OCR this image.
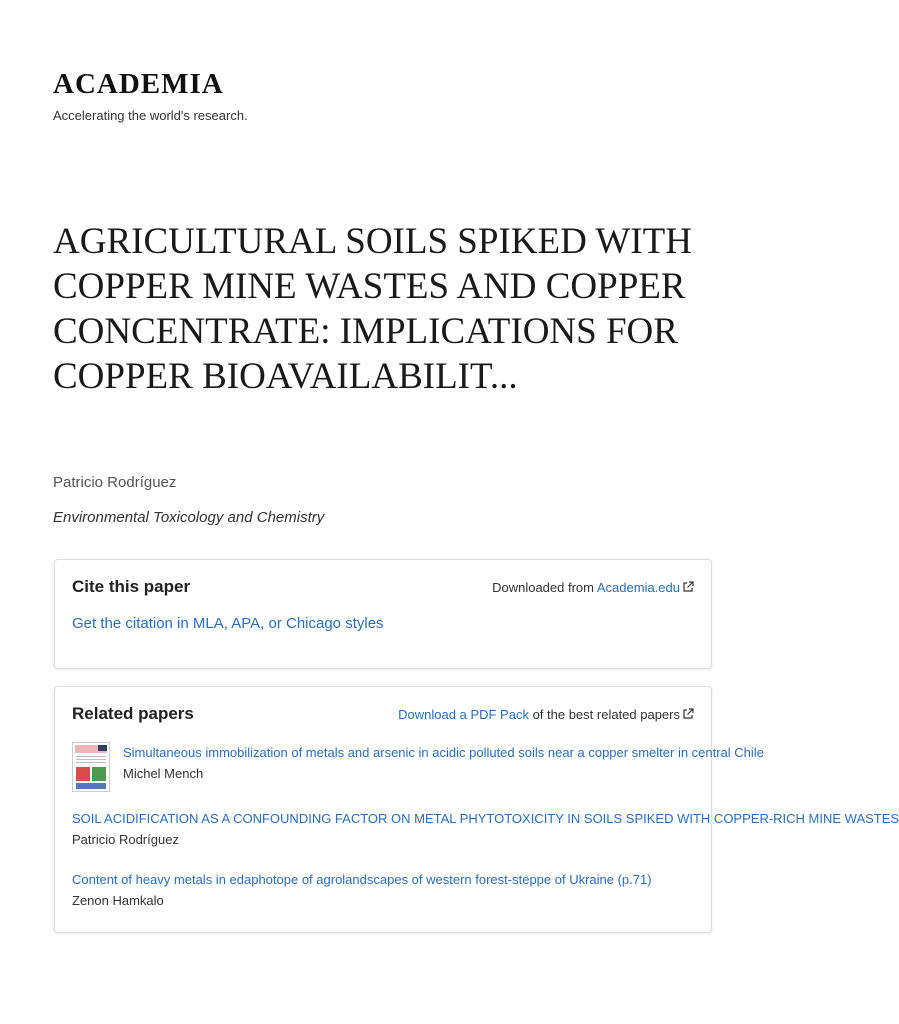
ACADEMIA
Accelerating the world's research.
AGRICULTURAL SOILS SPIKED WITH COPPER MINE WASTES AND COPPER CONCENTRATE: IMPLICATIONS FOR COPPER BIOAVAILABILIT...
Patricio Rodríguez
Environmental Toxicology and Chemistry
Cite this paper	Downloaded from Academia.edu
Get the citation in MLA, APA, or Chicago styles
Related papers	Download a PDF Pack of the best related papers
Simultaneous immobilization of metals and arsenic in acidic polluted soils near a copper smelter in central Chile
Michel Mench
SOIL ACIDIFICATION AS A CONFOUNDING FACTOR ON METAL PHYTOTOXICITY IN SOILS SPIKED WITH COPPER-RICH MINE WASTES
Patricio Rodríguez
Content of heavy metals in edaphotope of agrolandscapes of western forest-steppe of Ukraine (p.71)
Zenon Hamkalo
